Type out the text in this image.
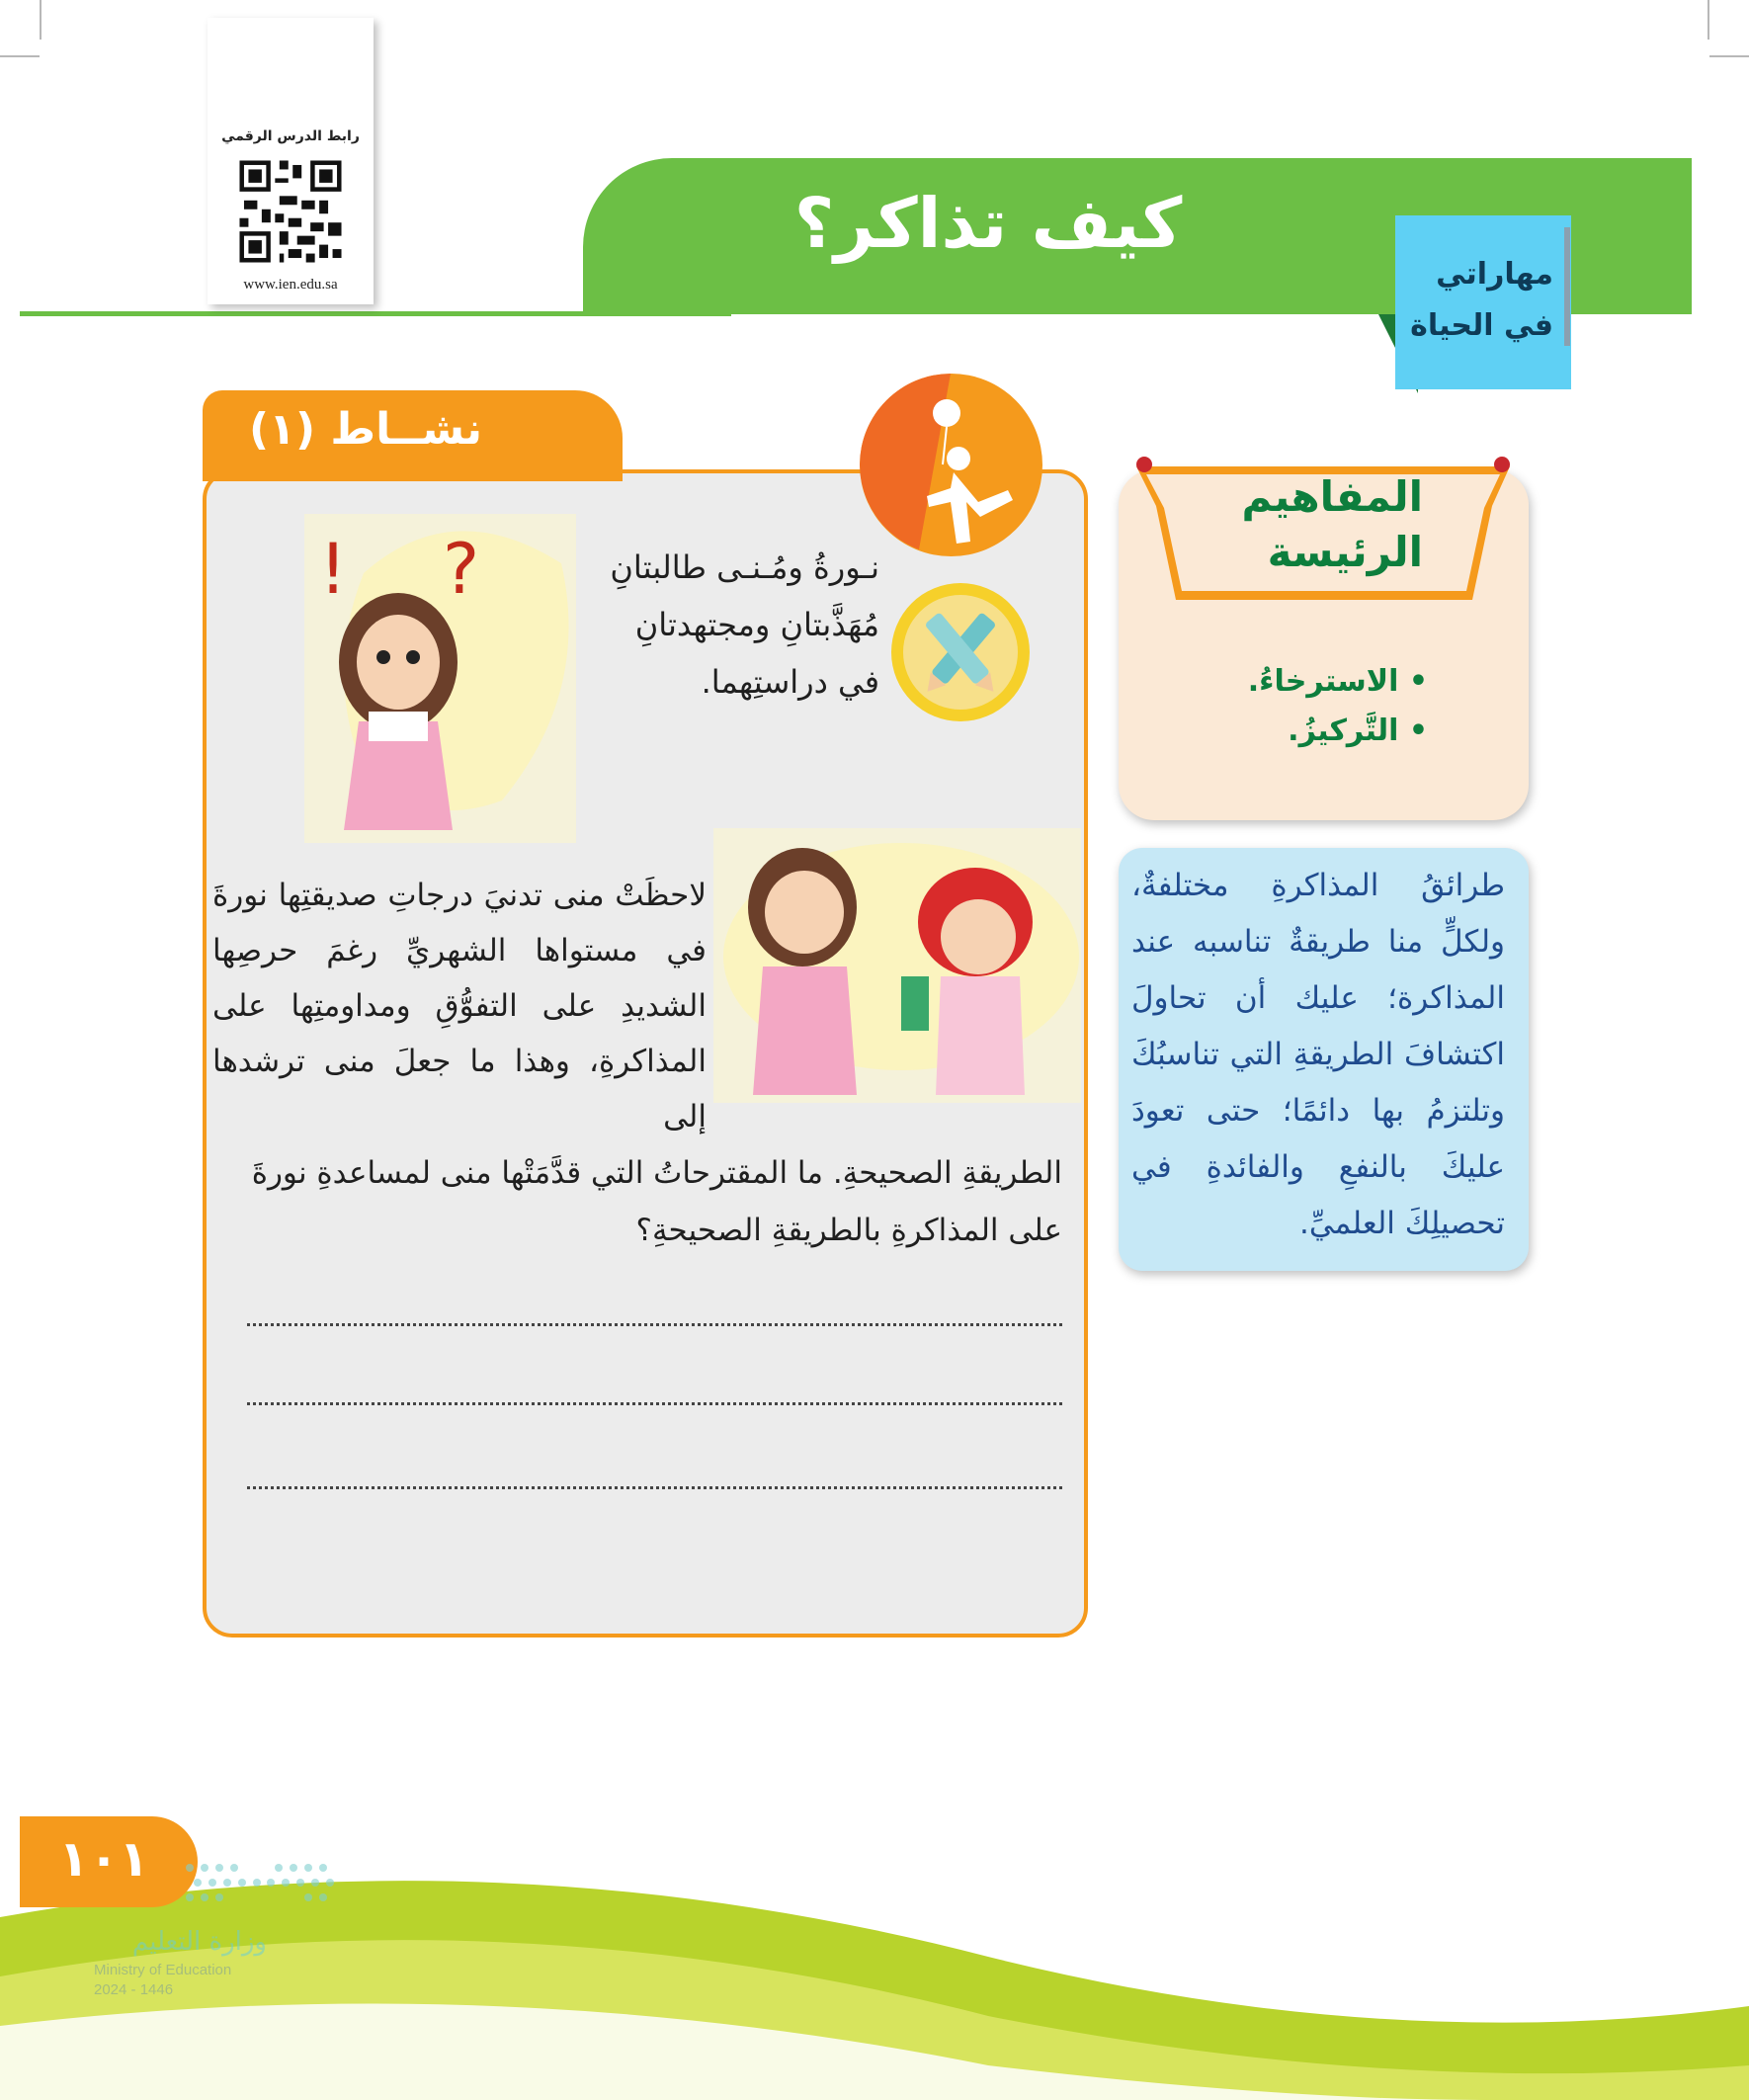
كيف تذاكر؟
مهاراتي
في الحياة
رابط الدرس الرقمي
www.ien.edu.sa
نشــاط (١)
! ?	نـورةُ ومُـنـى طالبتانِ
مُهَذَّبتانِ ومجتهدتانِ
في دراستِهما.
لاحظَتْ منى تدنيَ درجاتِ صديقتِها نورةَ في مستواها الشهريِّ رغمَ حرصِها الشديدِ على التفوُّقِ ومداومتِها على المذاكرةِ، وهذا ما جعلَ منى ترشدها إلى
الطريقةِ الصحيحةِ. ما المقترحاتُ التي قدَّمَتْها منى لمساعدةِ نورةَ على المذاكرةِ بالطريقةِ الصحيحةِ؟
المفاهيم
الرئيسة
• الاسترخاءُ.
• التَّركيزُ.
طرائقُ المذاكرةِ مختلفةٌ، ولكلٍّ منا طريقةٌ تناسبه عند المذاكرة؛ عليك أن تحاولَ اكتشافَ الطريقةِ التي تناسبُكَ وتلتزمُ بها دائمًا؛ حتى تعودَ عليكَ بالنفعِ والفائدةِ في تحصيلِكَ العلميِّ.
١٠١
وزارة التعليم
Ministry of Education
2024 - 1446
